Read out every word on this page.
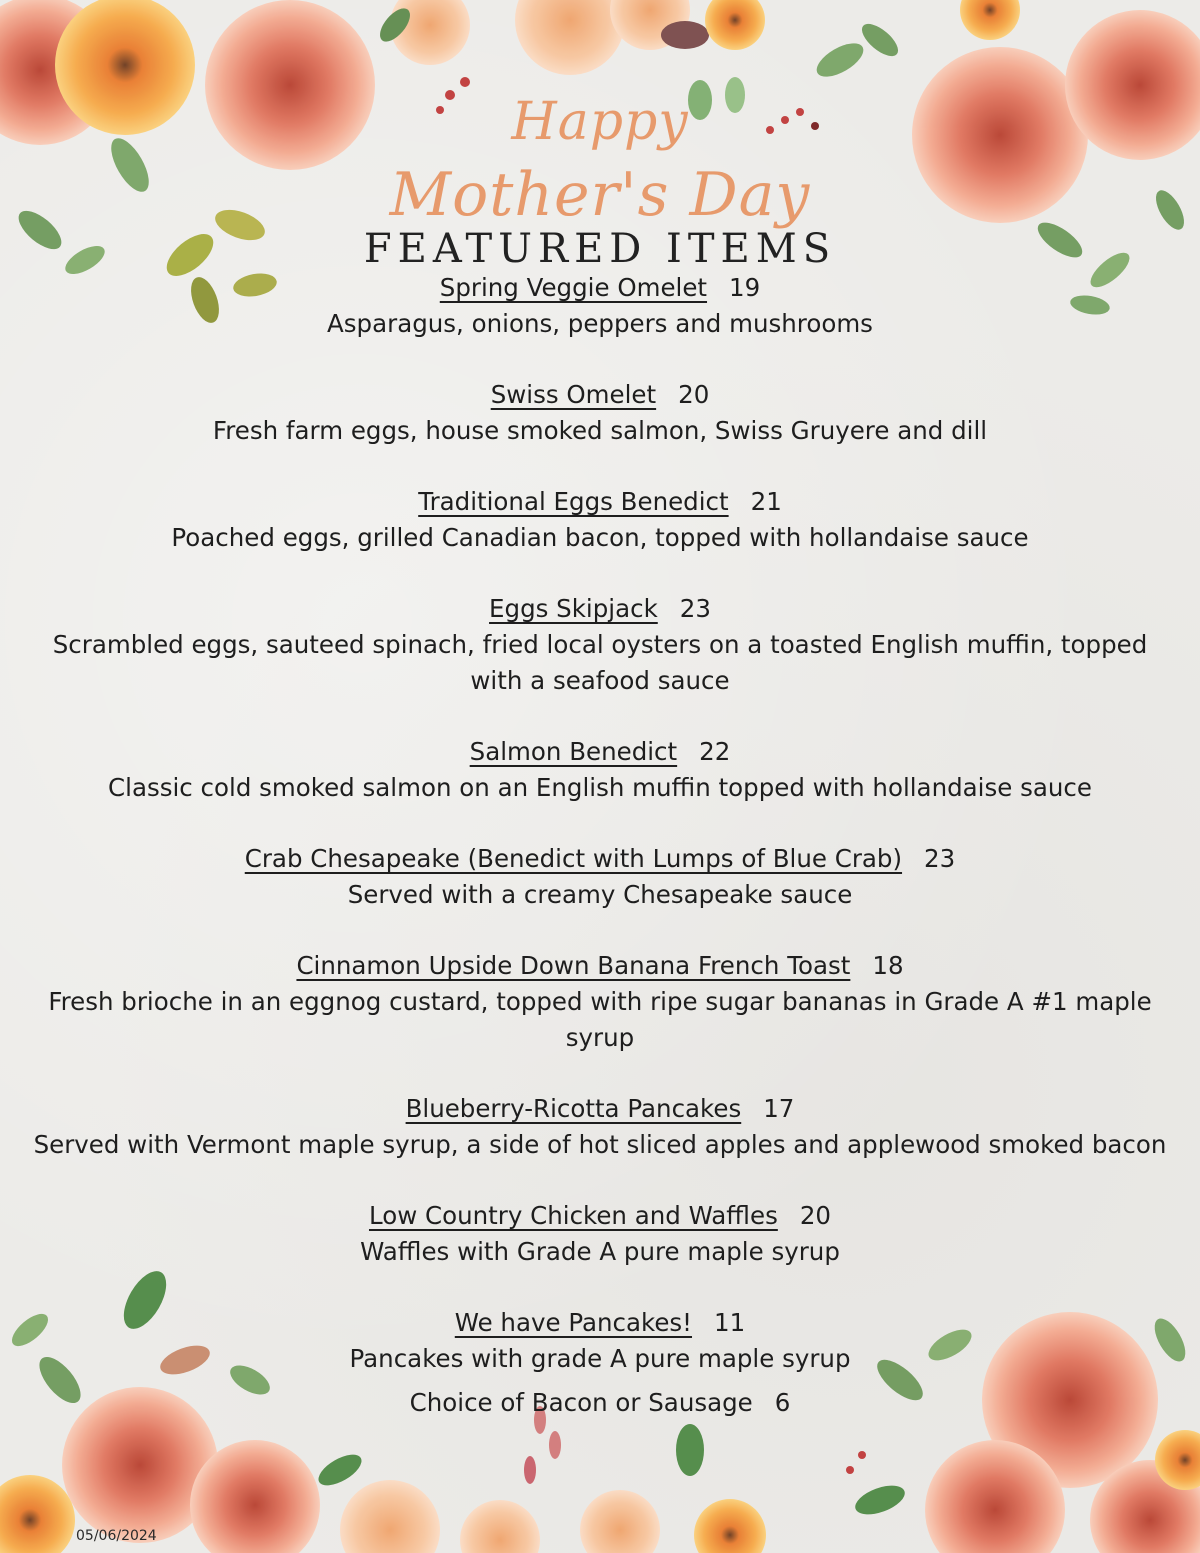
Happy
Mother's Day
FEATURED ITEMS
Spring Veggie Omelet 19
Asparagus, onions, peppers and mushrooms
Swiss Omelet 20
Fresh farm eggs, house smoked salmon, Swiss Gruyere and dill
Traditional Eggs Benedict 21
Poached eggs, grilled Canadian bacon, topped with hollandaise sauce
Eggs Skipjack 23
Scrambled eggs, sauteed spinach, fried local oysters on a toasted English muffin, topped with a seafood sauce
Salmon Benedict 22
Classic cold smoked salmon on an English muffin topped with hollandaise sauce
Crab Chesapeake (Benedict with Lumps of Blue Crab) 23
Served with a creamy Chesapeake sauce
Cinnamon Upside Down Banana French Toast 18
Fresh brioche in an eggnog custard, topped with ripe sugar bananas in Grade A #1 maple syrup
Blueberry-Ricotta Pancakes 17
Served with Vermont maple syrup, a side of hot sliced apples and applewood smoked bacon
Low Country Chicken and Waffles 20
Waffles with Grade A pure maple syrup
We have Pancakes! 11
Pancakes with grade A pure maple syrup
Choice of Bacon or Sausage 6
05/06/2024
